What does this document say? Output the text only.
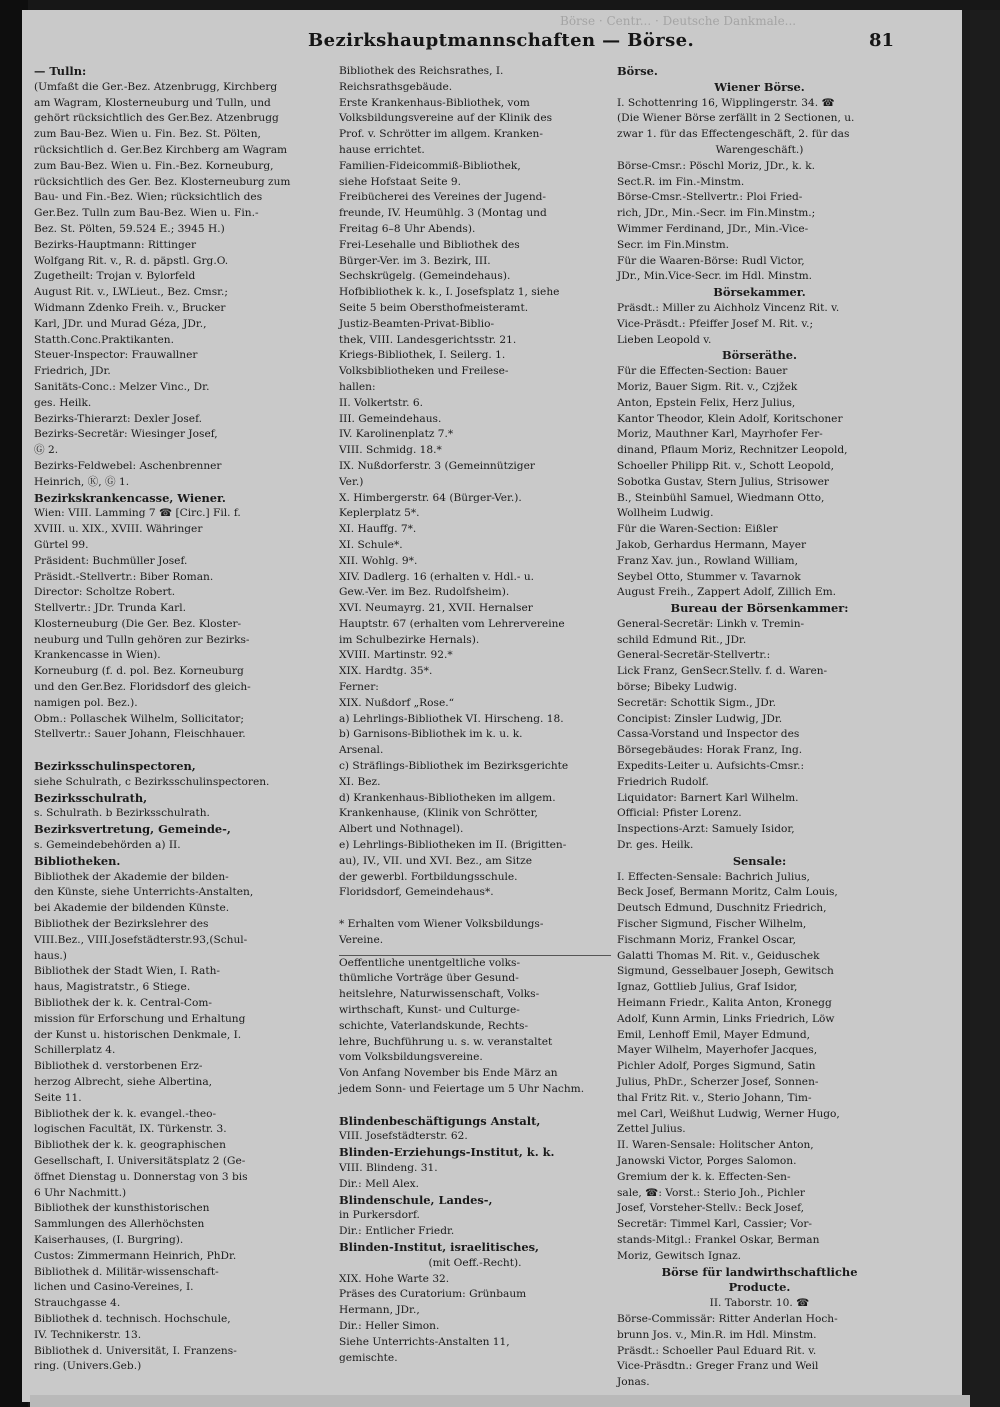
Börse · Centr... · Deutsche Dankmale...
Bezirkshauptmannschaften — Börse.	81
— Tulln:
(Umfaßt die Ger.-Bez. Atzenbrugg, Kirchberg
am Wagram, Klosterneuburg und Tulln, und
gehört rücksichtlich des Ger.Bez. Atzenbrugg
zum Bau-Bez. Wien u. Fin. Bez. St. Pölten,
rücksichtlich d. Ger.Bez Kirchberg am Wagram
zum Bau-Bez. Wien u. Fin.-Bez. Korneuburg,
rücksichtlich des Ger. Bez. Klosterneuburg zum
Bau- und Fin.-Bez. Wien; rücksichtlich des
Ger.Bez. Tulln zum Bau-Bez. Wien u. Fin.-
Bez. St. Pölten, 59.524 E.; 3945 H.)
Bezirks-Hauptmann: Rittinger
Wolfgang Rit. v., R. d. päpstl. Grg.O.
Zugetheilt: Trojan v. Bylorfeld
August Rit. v., LWLieut., Bez. Cmsr.;
Widmann Zdenko Freih. v., Brucker
Karl, JDr. und Murad Géza, JDr.,
Statth.Conc.Praktikanten.
Steuer-Inspector: Frauwallner
Friedrich, JDr.
Sanitäts-Conc.: Melzer Vinc., Dr.
ges. Heilk.
Bezirks-Thierarzt: Dexler Josef.
Bezirks-Secretär: Wiesinger Josef,
Ⓖ 2.
Bezirks-Feldwebel: Aschenbrenner
Heinrich, Ⓚ, Ⓖ 1.
Bezirkskrankencasse, Wiener.
Wien: VIII. Lamming 7 ☎ [Circ.] Fil. f.
XVIII. u. XIX., XVIII. Währinger
Gürtel 99.
Präsident: Buchmüller Josef.
Präsidt.-Stellvertr.: Biber Roman.
Director: Scholtze Robert.
Stellvertr.: JDr. Trunda Karl.
Klosterneuburg (Die Ger. Bez. Kloster-
neuburg und Tulln gehören zur Bezirks-
Krankencasse in Wien).
Korneuburg (f. d. pol. Bez. Korneuburg
und den Ger.Bez. Floridsdorf des gleich-
namigen pol. Bez.).
Obm.: Pollaschek Wilhelm, Sollicitator;
Stellvertr.: Sauer Johann, Fleischhauer.
Bezirksschulinspectoren,
siehe Schulrath, c Bezirksschulinspectoren.
Bezirksschulrath,
s. Schulrath. b Bezirksschulrath.
Bezirksvertretung, Gemeinde-,
s. Gemeindebehörden a) II.
Bibliotheken.
Bibliothek der Akademie der bilden-
den Künste, siehe Unterrichts-Anstalten,
bei Akademie der bildenden Künste.
Bibliothek der Bezirkslehrer des
VIII.Bez., VIII.Josefstädterstr.93,(Schul-
haus.)
Bibliothek der Stadt Wien, I. Rath-
haus, Magistratstr., 6 Stiege.
Bibliothek der k. k. Central-Com-
mission für Erforschung und Erhaltung
der Kunst u. historischen Denkmale, I.
Schillerplatz 4.
Bibliothek d. verstorbenen Erz-
herzog Albrecht, siehe Albertina,
Seite 11.
Bibliothek der k. k. evangel.-theo-
logischen Facultät, IX. Türkenstr. 3.
Bibliothek der k. k. geographischen
Gesellschaft, I. Universitätsplatz 2 (Ge-
öffnet Dienstag u. Donnerstag von 3 bis
6 Uhr Nachmitt.)
Bibliothek der kunsthistorischen
Sammlungen des Allerhöchsten
Kaiserhauses, (I. Burgring).
Custos: Zimmermann Heinrich, PhDr.
Bibliothek d. Militär-wissenschaft-
lichen und Casino-Vereines, I.
Strauchgasse 4.
Bibliothek d. technisch. Hochschule,
IV. Technikerstr. 13.
Bibliothek d. Universität, I. Franzens-
ring. (Univers.Geb.)
Bibliothek des Reichsrathes, I.
Reichsrathsgebäude.
Erste Krankenhaus-Bibliothek, vom
Volksbildungsvereine auf der Klinik des
Prof. v. Schrötter im allgem. Kranken-
hause errichtet.
Familien-Fideicommiß-Bibliothek,
siehe Hofstaat Seite 9.
Freibücherei des Vereines der Jugend-
freunde, IV. Heumühlg. 3 (Montag und
Freitag 6–8 Uhr Abends).
Frei-Lesehalle und Bibliothek des
Bürger-Ver. im 3. Bezirk, III.
Sechskrügelg. (Gemeindehaus).
Hofbibliothek k. k., I. Josefsplatz 1, siehe
Seite 5 beim Obersthofmeisteramt.
Justiz-Beamten-Privat-Biblio-
thek, VIII. Landesgerichtsstr. 21.
Kriegs-Bibliothek, I. Seilerg. 1.
Volksbibliotheken und Freilese-
hallen:
II. Volkertstr. 6.
III. Gemeindehaus.
IV. Karolinenplatz 7.*
VIII. Schmidg. 18.*
IX. Nußdorferstr. 3 (Gemeinnütziger
Ver.)
X. Himbergerstr. 64 (Bürger-Ver.).
Keplerplatz 5*.
XI. Hauffg. 7*.
XI. Schule*.
XII. Wohlg. 9*.
XIV. Dadlerg. 16 (erhalten v. Hdl.- u.
Gew.-Ver. im Bez. Rudolfsheim).
XVI. Neumayrg. 21, XVII. Hernalser
Hauptstr. 67 (erhalten vom Lehrervereine
im Schulbezirke Hernals).
XVIII. Martinstr. 92.*
XIX. Hardtg. 35*.
Ferner:
XIX. Nußdorf „Rose.“
a) Lehrlings-Bibliothek VI. Hirscheng. 18.
b) Garnisons-Bibliothek im k. u. k.
Arsenal.
c) Sträflings-Bibliothek im Bezirksgerichte
XI. Bez.
d) Krankenhaus-Bibliotheken im allgem.
Krankenhause, (Klinik von Schrötter,
Albert und Nothnagel).
e) Lehrlings-Bibliotheken im II. (Brigitten-
au), IV., VII. und XVI. Bez., am Sitze
der gewerbl. Fortbildungsschule.
Floridsdorf, Gemeindehaus*.
* Erhalten vom Wiener Volksbildungs-
Vereine.
Oeffentliche unentgeltliche volks-
thümliche Vorträge über Gesund-
heitslehre, Naturwissenschaft, Volks-
wirthschaft, Kunst- und Culturge-
schichte, Vaterlandskunde, Rechts-
lehre, Buchführung u. s. w. veranstaltet
vom Volksbildungsvereine.
Von Anfang November bis Ende März an
jedem Sonn- und Feiertage um 5 Uhr Nachm.
Blindenbeschäftigungs Anstalt,
VIII. Josefstädterstr. 62.
Blinden-Erziehungs-Institut, k. k.
VIII. Blindeng. 31.
Dir.: Mell Alex.
Blindenschule, Landes-,
in Purkersdorf.
Dir.: Entlicher Friedr.
Blinden-Institut, israelitisches,
(mit Oeff.-Recht).
XIX. Hohe Warte 32.
Präses des Curatorium: Grünbaum
Hermann, JDr.,
Dir.: Heller Simon.
Siehe Unterrichts-Anstalten 11,
gemischte.
Börse.
Wiener Börse.
I. Schottenring 16, Wipplingerstr. 34. ☎
(Die Wiener Börse zerfällt in 2 Sectionen, u.
zwar 1. für das Effectengeschäft, 2. für das
Warengeschäft.)
Börse-Cmsr.: Pöschl Moriz, JDr., k. k.
Sect.R. im Fin.-Minstm.
Börse-Cmsr.-Stellvertr.: Ploi Fried-
rich, JDr., Min.-Secr. im Fin.Minstm.;
Wimmer Ferdinand, JDr., Min.-Vice-
Secr. im Fin.Minstm.
Für die Waaren-Börse: Rudl Victor,
JDr., Min.Vice-Secr. im Hdl. Minstm.
Börsekammer.
Präsdt.: Miller zu Aichholz Vincenz Rit. v.
Vice-Präsdt.: Pfeiffer Josef M. Rit. v.;
Lieben Leopold v.
Börseräthe.
Für die Effecten-Section: Bauer
Moriz, Bauer Sigm. Rit. v., Czjžek
Anton, Epstein Felix, Herz Julius,
Kantor Theodor, Klein Adolf, Koritschoner
Moriz, Mauthner Karl, Mayrhofer Fer-
dinand, Pflaum Moriz, Rechnitzer Leopold,
Schoeller Philipp Rit. v., Schott Leopold,
Sobotka Gustav, Stern Julius, Strisower
B., Steinbühl Samuel, Wiedmann Otto,
Wollheim Ludwig.
Für die Waren-Section: Eißler
Jakob, Gerhardus Hermann, Mayer
Franz Xav. jun., Rowland William,
Seybel Otto, Stummer v. Tavarnok
August Freih., Zappert Adolf, Zillich Em.
Bureau der Börsenkammer:
General-Secretär: Linkh v. Tremin-
schild Edmund Rit., JDr.
General-Secretär-Stellvertr.:
Lick Franz, GenSecr.Stellv. f. d. Waren-
börse; Bibeky Ludwig.
Secretär: Schottik Sigm., JDr.
Concipist: Zinsler Ludwig, JDr.
Cassa-Vorstand und Inspector des
Börsegebäudes: Horak Franz, Ing.
Expedits-Leiter u. Aufsichts-Cmsr.:
Friedrich Rudolf.
Liquidator: Barnert Karl Wilhelm.
Official: Pfister Lorenz.
Inspections-Arzt: Samuely Isidor,
Dr. ges. Heilk.
Sensale:
I. Effecten-Sensale: Bachrich Julius,
Beck Josef, Bermann Moritz, Calm Louis,
Deutsch Edmund, Duschnitz Friedrich,
Fischer Sigmund, Fischer Wilhelm,
Fischmann Moriz, Frankel Oscar,
Galatti Thomas M. Rit. v., Geiduschek
Sigmund, Gesselbauer Joseph, Gewitsch
Ignaz, Gottlieb Julius, Graf Isidor,
Heimann Friedr., Kalita Anton, Kronegg
Adolf, Kunn Armin, Links Friedrich, Löw
Emil, Lenhoff Emil, Mayer Edmund,
Mayer Wilhelm, Mayerhofer Jacques,
Pichler Adolf, Porges Sigmund, Satin
Julius, PhDr., Scherzer Josef, Sonnen-
thal Fritz Rit. v., Sterio Johann, Tim-
mel Carl, Weißhut Ludwig, Werner Hugo,
Zettel Julius.
II. Waren-Sensale: Holitscher Anton,
Janowski Victor, Porges Salomon.
Gremium der k. k. Effecten-Sen-
sale, ☎: Vorst.: Sterio Joh., Pichler
Josef, Vorsteher-Stellv.: Beck Josef,
Secretär: Timmel Karl, Cassier; Vor-
stands-Mitgl.: Frankel Oskar, Berman
Moriz, Gewitsch Ignaz.
Börse für landwirthschaftliche
Producte.
II. Taborstr. 10. ☎
Börse-Commissär: Ritter Anderlan Hoch-
brunn Jos. v., Min.R. im Hdl. Minstm.
Präsdt.: Schoeller Paul Eduard Rit. v.
Vice-Präsdtn.: Greger Franz und Weil
Jonas.
